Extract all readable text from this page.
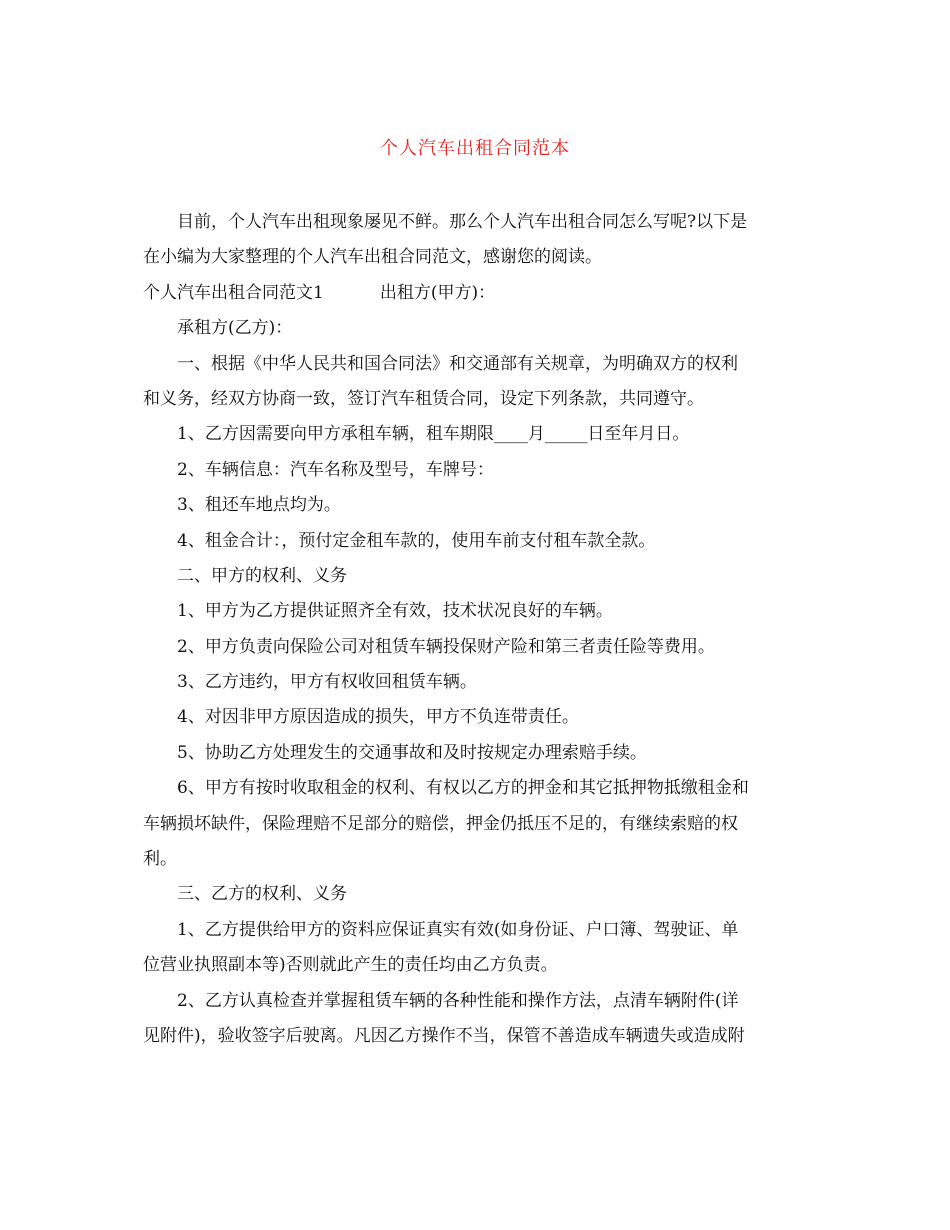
个人汽车出租合同范本
目前，个人汽车出租现象屡见不鲜。那么个人汽车出租合同怎么写呢?以下是
在小编为大家整理的个人汽车出租合同范文，感谢您的阅读。
个人汽车出租合同范文1	出租方(甲方)：
承租方(乙方)：
一、根据《中华人民共和国合同法》和交通部有关规章，为明确双方的权利
和义务，经双方协商一致，签订汽车租赁合同，设定下列条款，共同遵守。
1、乙方因需要向甲方承租车辆，租车期限____月_____日至年月日。
2、车辆信息：汽车名称及型号，车牌号：
3、租还车地点均为。
4、租金合计：，预付定金租车款的，使用车前支付租车款全款。
二、甲方的权利、义务
1、甲方为乙方提供证照齐全有效，技术状况良好的车辆。
2、甲方负责向保险公司对租赁车辆投保财产险和第三者责任险等费用。
3、乙方违约，甲方有权收回租赁车辆。
4、对因非甲方原因造成的损失，甲方不负连带责任。
5、协助乙方处理发生的交通事故和及时按规定办理索赔手续。
6、甲方有按时收取租金的权利、有权以乙方的押金和其它抵押物抵缴租金和
车辆损坏缺件，保险理赔不足部分的赔偿，押金仍抵压不足的，有继续索赔的权
利。
三、乙方的权利、义务
1、乙方提供给甲方的资料应保证真实有效(如身份证、户口簿、驾驶证、单
位营业执照副本等)否则就此产生的责任均由乙方负责。
2、乙方认真检查并掌握租赁车辆的各种性能和操作方法，点清车辆附件(详
见附件)，验收签字后驶离。凡因乙方操作不当，保管不善造成车辆遗失或造成附
